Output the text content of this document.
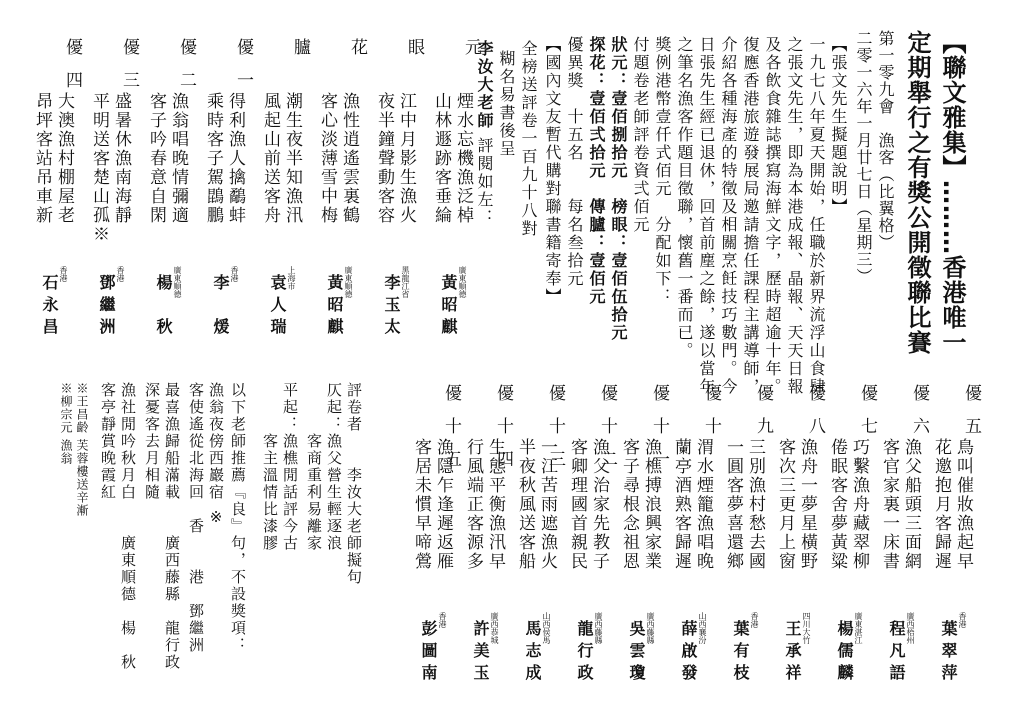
【聯文雅集】………香港唯一
定期舉行之有獎公開徵聯比賽
第一零九會　漁客（比翼格）
二零一六年一月廿七日（星期三）
【張文先生擬題說明】
一九七八年夏天開始，任職於新界流浮山食肆
之張文先生，即為本港成報、晶報、天天日報
及各飲食雜誌撰寫海鮮文字，歷時超逾十年。
復應香港旅遊發展局邀請擔任課程主講導師，
介紹各種海產的特徵及相關烹飪技巧數門。今
日張先生經已退休，回首前塵之餘，遂以當年
之筆名漁客作題目徵聯，懷舊一番而已。
獎例港幣壹仟式佰元　分配如下：
付題卷老師評卷資弍佰元
狀元：壹佰捌拾元　榜眼：壹佰伍拾元
探花：壹佰弍拾元　傳臚：壹佰元
優異獎　十五名　　每名叁拾元
【國內文友暫代購對聯書籍寄奉】
全榜送評卷一百九十八對
糊名易書後呈
李汝大老師 評閱如左：
元
煙水忘機漁泛棹
山林遯跡客垂綸
廣東順德
黃昭麒
眼
江中月影生漁火
夜半鐘聲動客容
黑龍江省
李玉太
花
漁性逍遙雲裏鶴
客心淡薄雪中梅
廣東順德
黃昭麒
臚
潮生夜半知漁汛
風起山前送客舟
上海市
袁人瑞
優一
得利漁人擒鷸蚌
乘時客子駕鵾鵬
香港
李　煖
優二
漁翁唱晚情彌適
客子吟春意自閑
廣東順德
楊　秋
優三
盛暑休漁南海靜
平明送客楚山孤※
香港
鄧繼洲
優四
大澳漁村棚屋老
昂坪客站吊車新
香港
石永昌
優五
鳥叫催妝漁起早
花邀抱月客歸遲
香港
葉翠萍
優六
漁父船頭三面網
客官家裏一床書
廣西梧州
程凡語
優七
巧繫漁舟藏翠柳
倦眠客舍夢黃粱
廣東湛江
楊儒麟
優八
漁舟一夢星橫野
客次三更月上窗
四川大竹
王承祥
優九
三別漁村愁去國
一圓客夢喜還鄉
香港
葉有枝
優十
渭水煙籠漁唱晚
蘭亭酒熟客歸遲
山西襄汾
薛啟發
優十一
漁樵搏浪興家業
客子尋根念祖恩
廣西藤縣
吳雲瓊
優十二
漁父治家先教子
客卿理國首親民
廣西藤縣
龍行政
優十三
一江苦雨遮漁火
半夜秋風送客船
山西侯馬
馬志成
優十四
生態平衡漁汛早
行風端正客源多
廣西恭城
許美玉
優十五
漁隱乍逢遲返雁
客居未慣早啼鶯
香港
彭圖南
評卷者　　李汝大老師擬句
仄起：漁父營生輕逐浪
　　　客商重利易離家
平起：漁樵閒話評今古
　　　客主溫情比漆膠
以下老師推薦『良』句，不設獎項：
漁翁夜傍西巖宿 ※
客使遙從北海回　香　　港　鄧繼洲
最喜漁歸船滿載　　廣西藤縣　龍行政
深憂客去月相隨
漁社閒吟秋月白　　廣東順德　楊　秋
客亭靜賞晚霞紅
※王昌齡 芙蓉樓送辛漸
※柳宗元 漁翁
